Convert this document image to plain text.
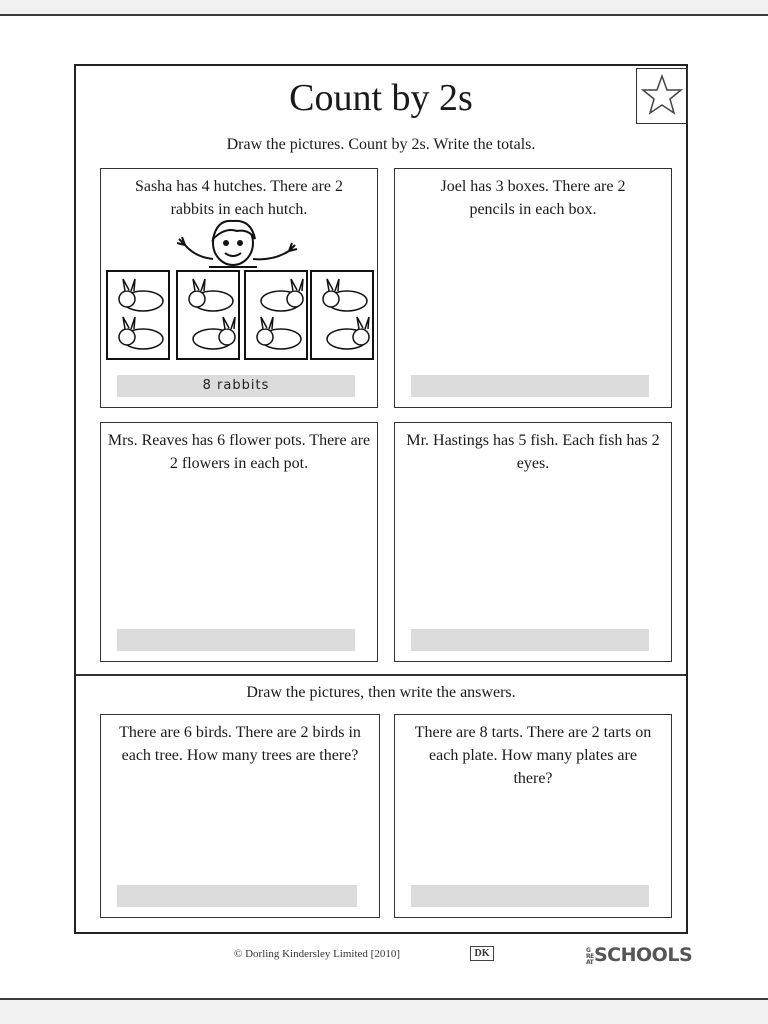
Count by 2s
Draw the pictures. Count by 2s. Write the totals.
Sasha has 4 hutches. There are 2 rabbits in each hutch.
8 rabbits
Joel has 3 boxes. There are 2 pencils in each box.
Mrs. Reaves has 6 flower pots. There are 2 flowers in each pot.
Mr. Hastings has 5 fish. Each fish has 2 eyes.
Draw the pictures, then write the answers.
There are 6 birds. There are 2 birds in each tree. How many trees are there?
There are 8 tarts. There are 2 tarts on each plate. How many plates are there?
© Dorling Kindersley Limited [2010]	DK	GREATSCHOOLS
